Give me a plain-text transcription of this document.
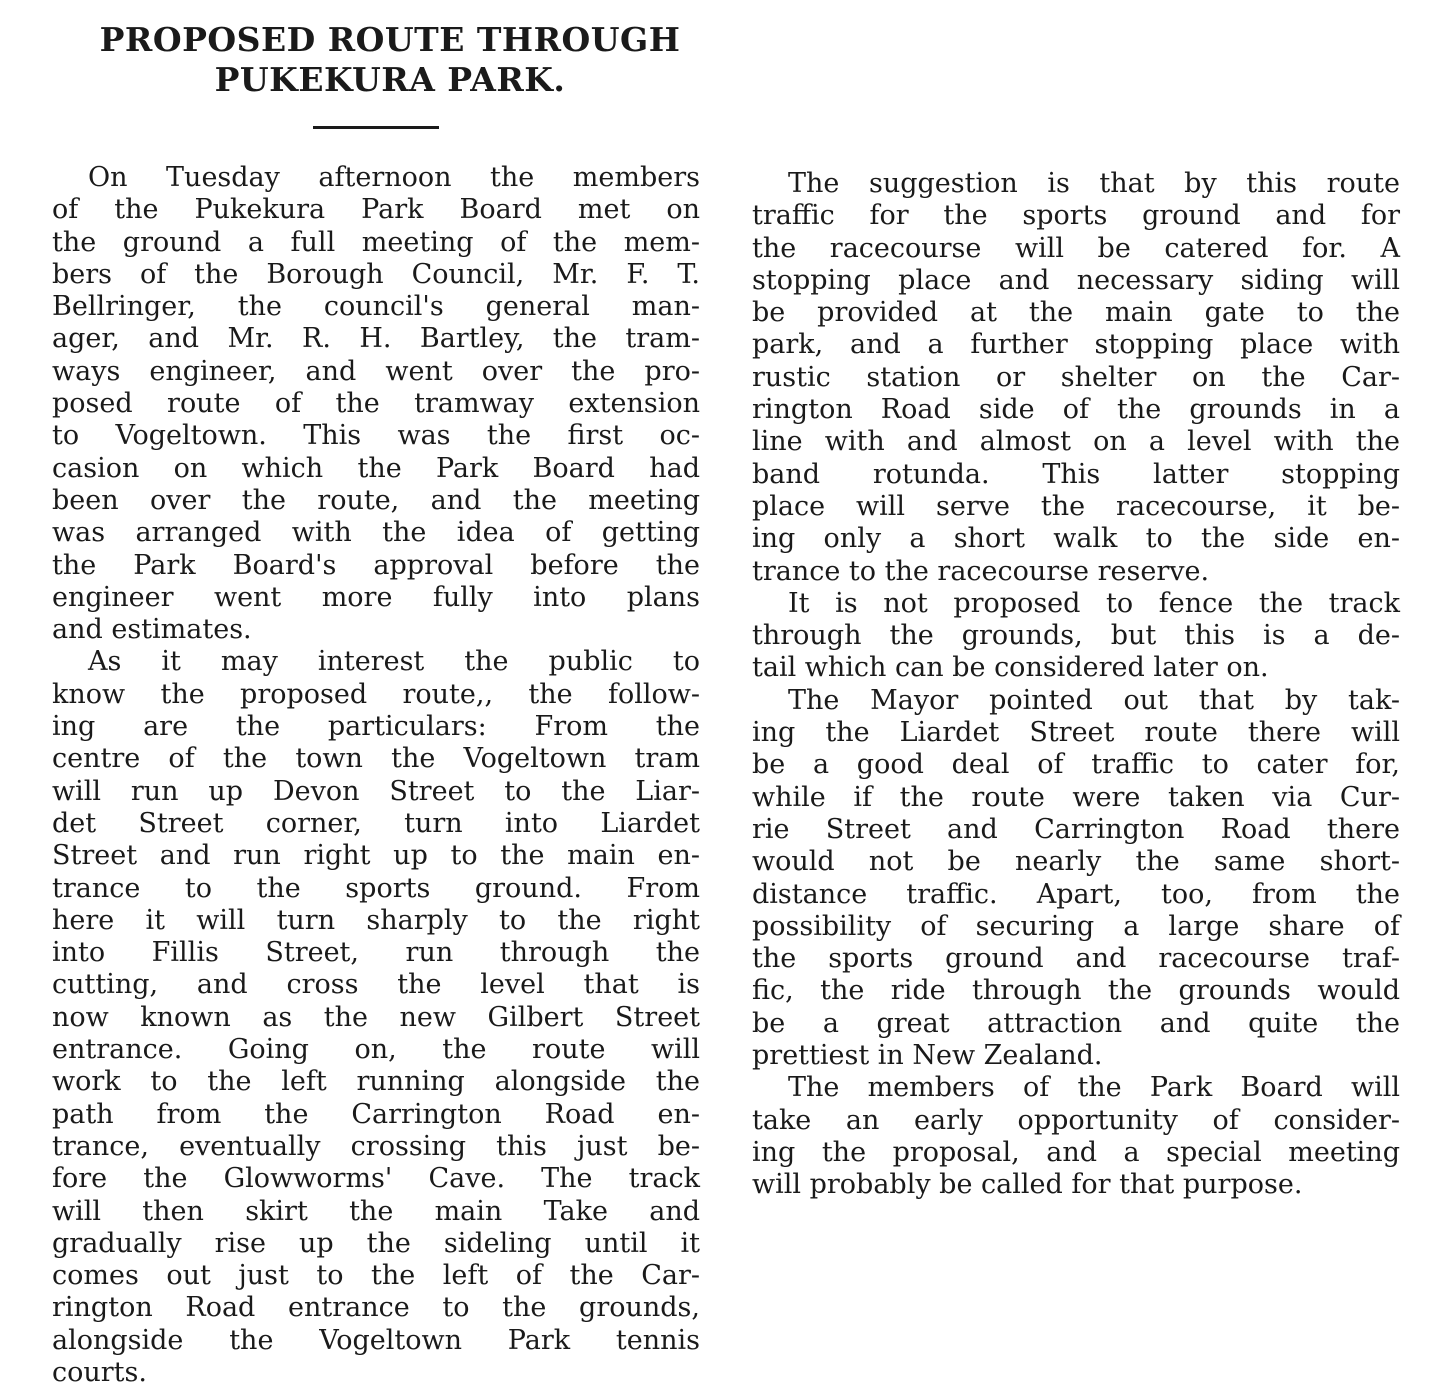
PROPOSED ROUTE THROUGH
PUKEKURA PARK.
On Tuesday afternoon the members
of the Pukekura Park Board met on
the ground a full meeting of the mem-
bers of the Borough Council, Mr. F. T.
Bellringer, the council's general man-
ager, and Mr. R. H. Bartley, the tram-
ways engineer, and went over the pro-
posed route of the tramway extension
to Vogeltown. This was the first oc-
casion on which the Park Board had
been over the route, and the meeting
was arranged with the idea of getting
the Park Board's approval before the
engineer went more fully into plans
and estimates.
As it may interest the public to
know the proposed route,, the follow-
ing are the particulars: From the
centre of the town the Vogeltown tram
will run up Devon Street to the Liar-
det Street corner, turn into Liardet
Street and run right up to the main en-
trance to the sports ground. From
here it will turn sharply to the right
into Fillis Street, run through the
cutting, and cross the level that is
now known as the new Gilbert Street
entrance. Going on, the route will
work to the left running alongside the
path from the Carrington Road en-
trance, eventually crossing this just be-
fore the Glowworms' Cave. The track
will then skirt the main Take and
gradually rise up the sideling until it
comes out just to the left of the Car-
rington Road entrance to the grounds,
alongside the Vogeltown Park tennis
courts.
The suggestion is that by this route
traffic for the sports ground and for
the racecourse will be catered for. A
stopping place and necessary siding will
be provided at the main gate to the
park, and a further stopping place with
rustic station or shelter on the Car-
rington Road side of the grounds in a
line with and almost on a level with the
band rotunda. This latter stopping
place will serve the racecourse, it be-
ing only a short walk to the side en-
trance to the racecourse reserve.
It is not proposed to fence the track
through the grounds, but this is a de-
tail which can be considered later on.
The Mayor pointed out that by tak-
ing the Liardet Street route there will
be a good deal of traffic to cater for,
while if the route were taken via Cur-
rie Street and Carrington Road there
would not be nearly the same short-
distance traffic. Apart, too, from the
possibility of securing a large share of
the sports ground and racecourse traf-
fic, the ride through the grounds would
be a great attraction and quite the
prettiest in New Zealand.
The members of the Park Board will
take an early opportunity of consider-
ing the proposal, and a special meeting
will probably be called for that purpose.
